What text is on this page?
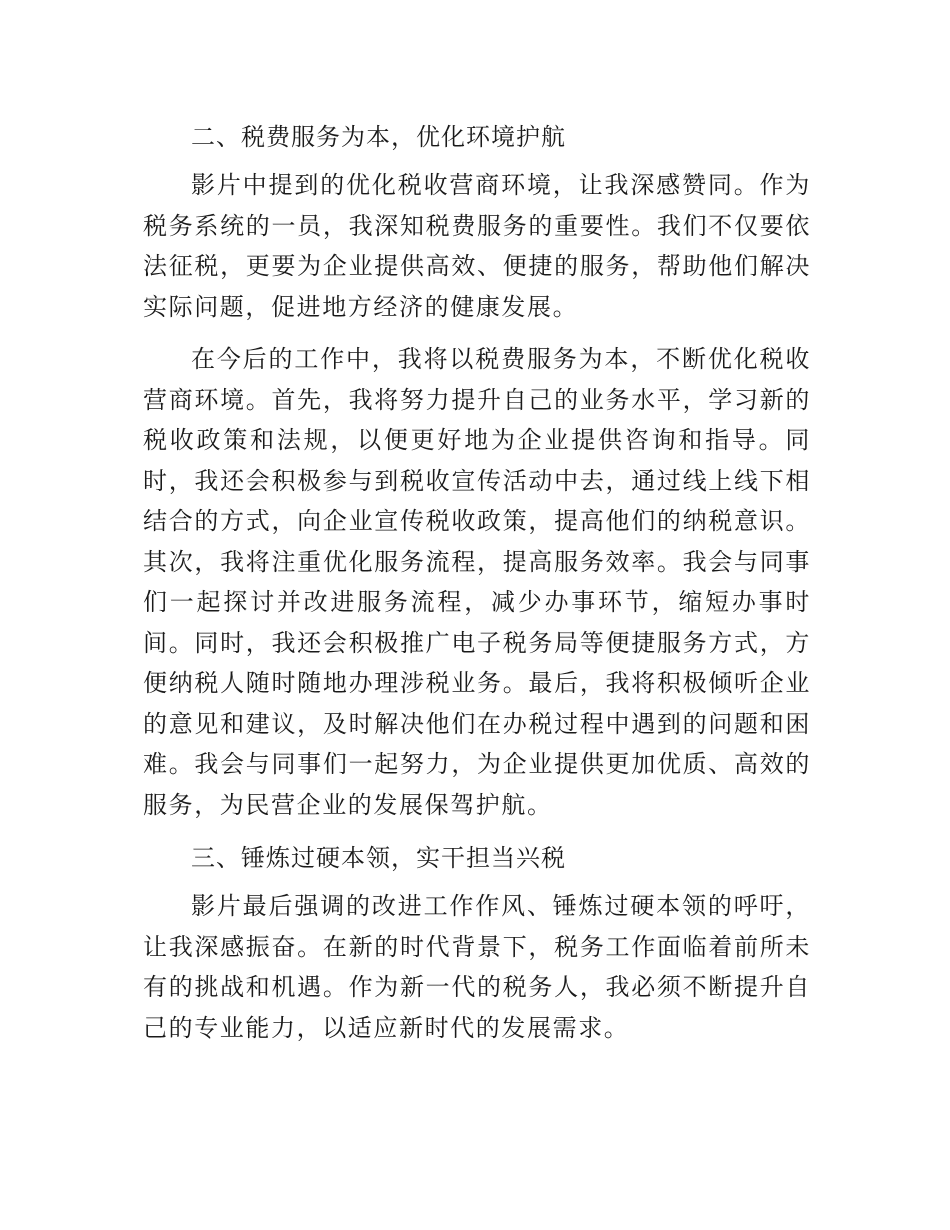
二、税费服务为本，优化环境护航

影片中提到的优化税收营商环境，让我深感赞同。作为税务系统的一员，我深知税费服务的重要性。我们不仅要依法征税，更要为企业提供高效、便捷的服务，帮助他们解决实际问题，促进地方经济的健康发展。

在今后的工作中，我将以税费服务为本，不断优化税收营商环境。首先，我将努力提升自己的业务水平，学习新的税收政策和法规，以便更好地为企业提供咨询和指导。同时，我还会积极参与到税收宣传活动中去，通过线上线下相结合的方式，向企业宣传税收政策，提高他们的纳税意识。其次，我将注重优化服务流程，提高服务效率。我会与同事们一起探讨并改进服务流程，减少办事环节，缩短办事时间。同时，我还会积极推广电子税务局等便捷服务方式，方便纳税人随时随地办理涉税业务。最后，我将积极倾听企业的意见和建议，及时解决他们在办税过程中遇到的问题和困难。我会与同事们一起努力，为企业提供更加优质、高效的服务，为民营企业的发展保驾护航。

三、锤炼过硬本领，实干担当兴税

影片最后强调的改进工作作风、锤炼过硬本领的呼吁，让我深感振奋。在新的时代背景下，税务工作面临着前所未有的挑战和机遇。作为新一代的税务人，我必须不断提升自己的专业能力，以适应新时代的发展需求。
